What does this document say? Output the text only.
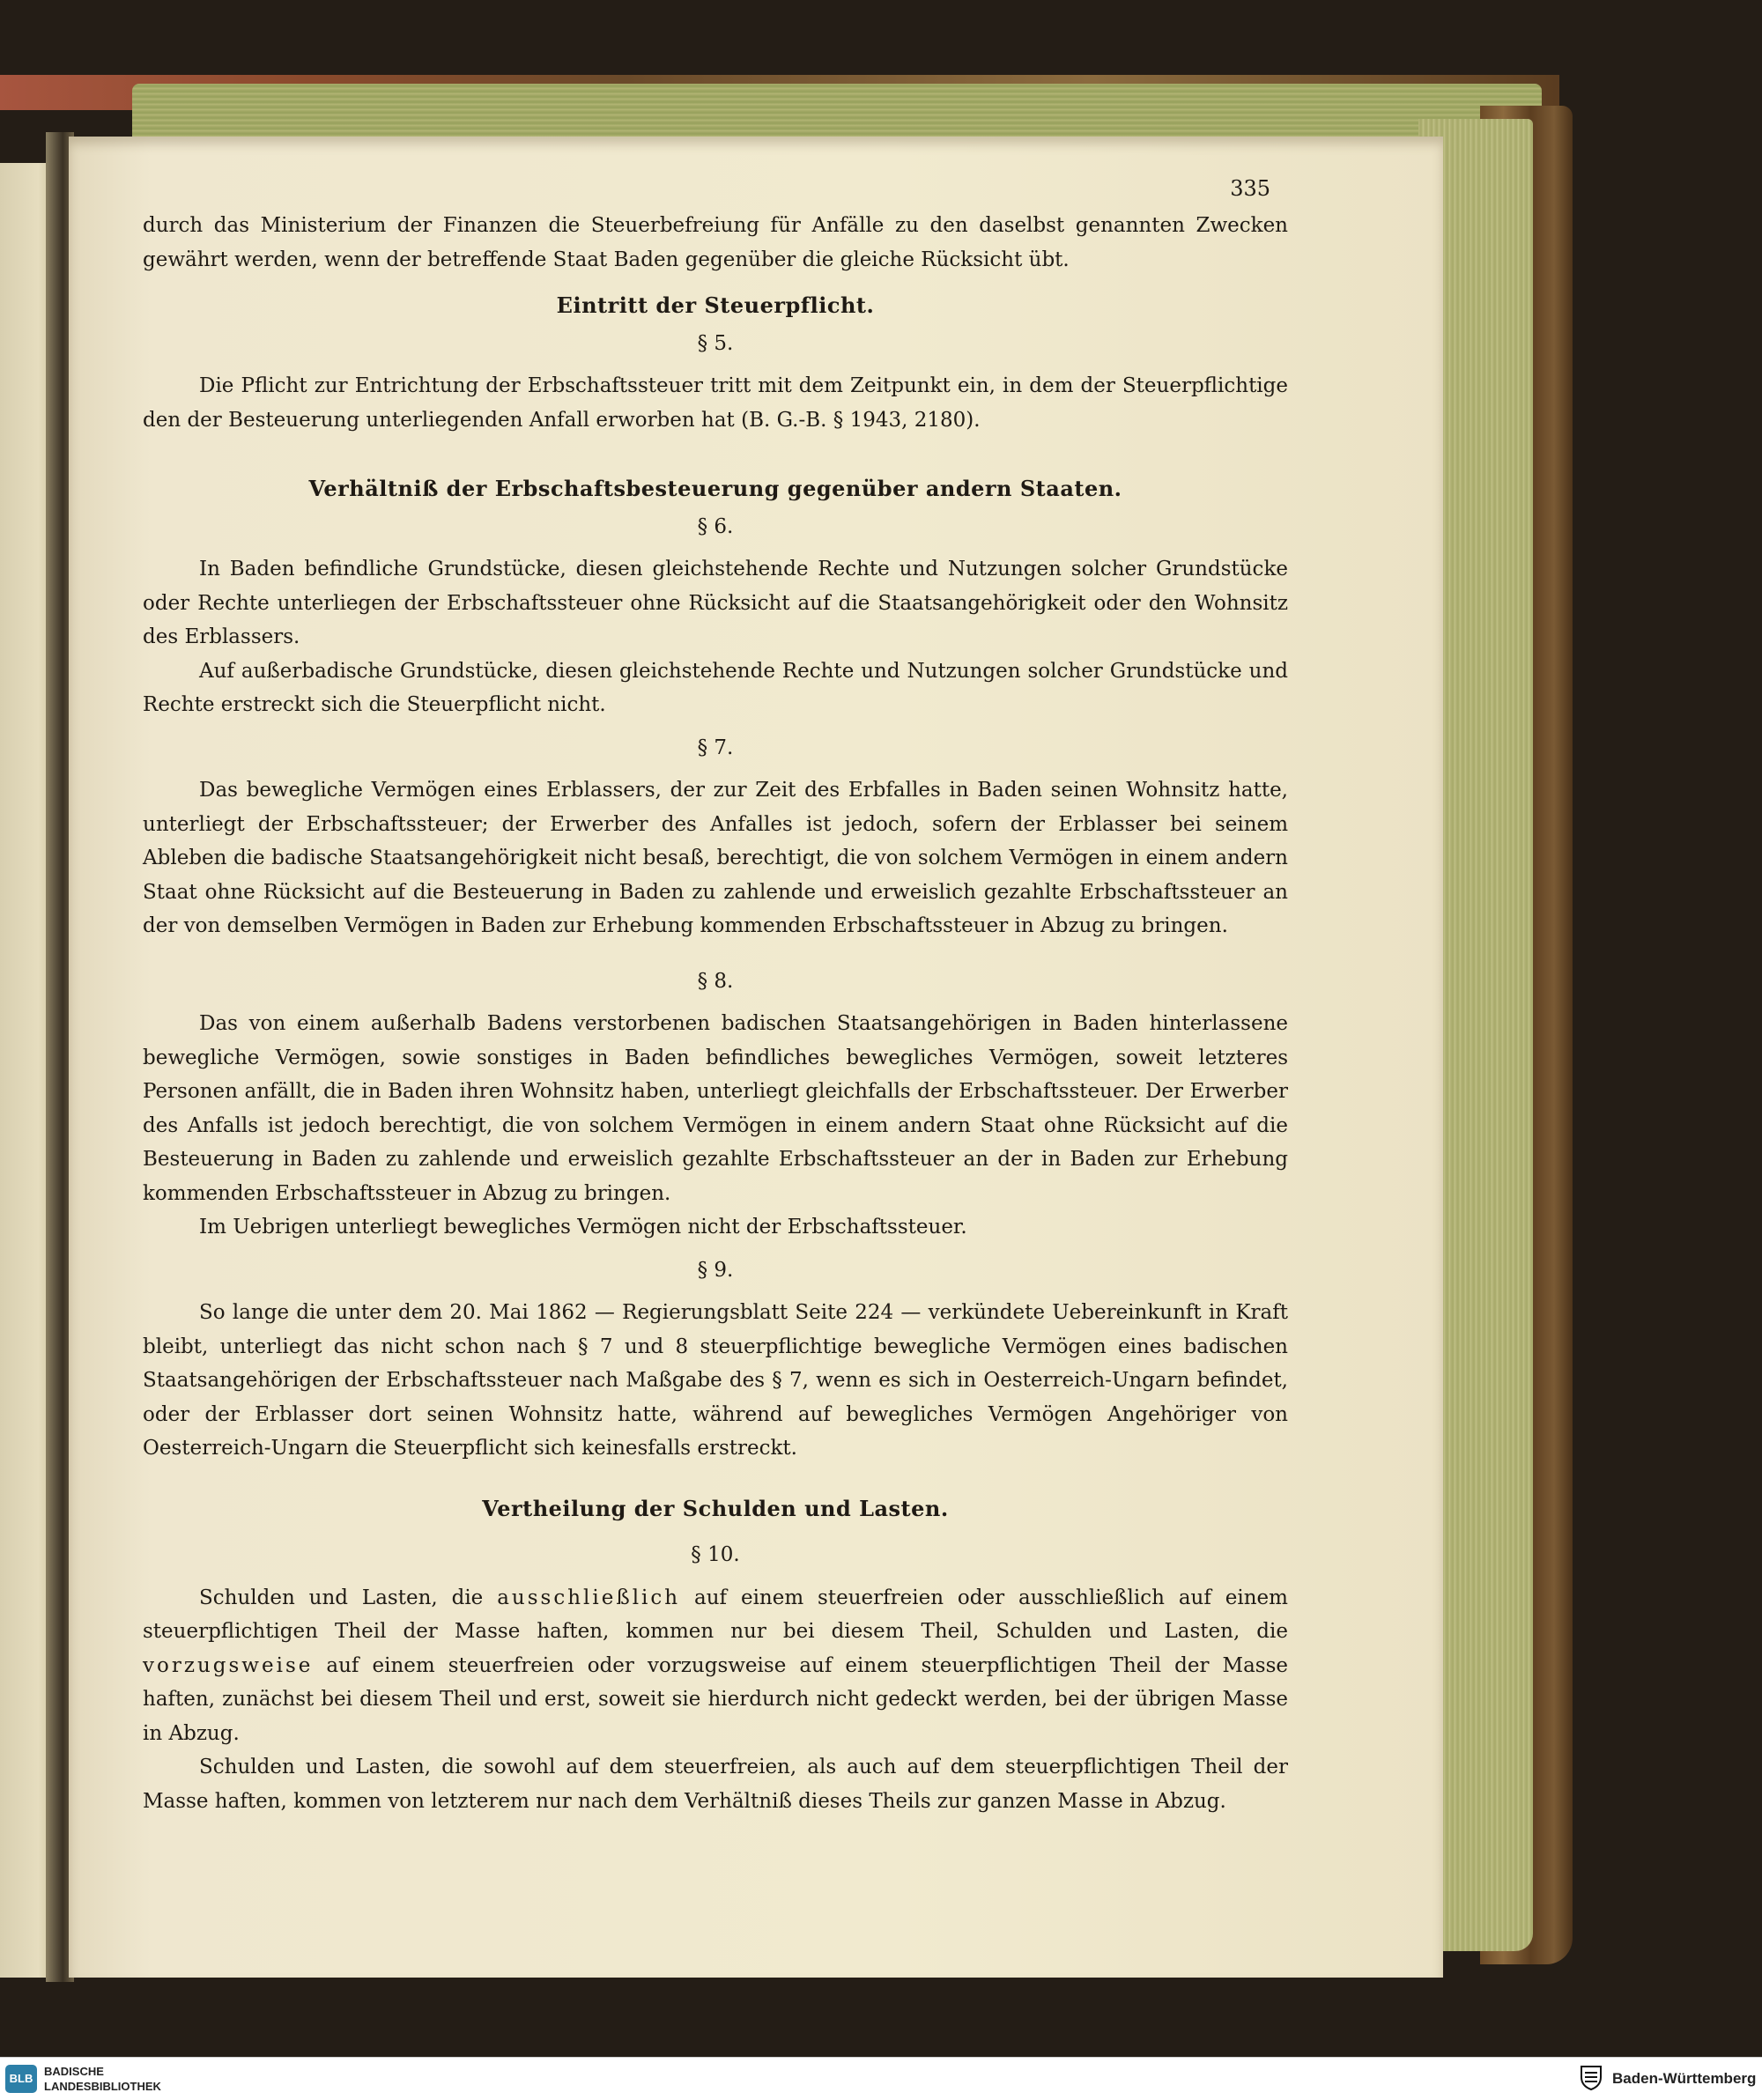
335

durch das Ministerium der Finanzen die Steuerbefreiung für Anfälle zu den daselbst genannten Zwecken gewährt werden, wenn der betreffende Staat Baden gegenüber die gleiche Rücksicht übt.

Eintritt der Steuerpflicht.
§ 5.

Die Pflicht zur Entrichtung der Erbschaftssteuer tritt mit dem Zeitpunkt ein, in dem der Steuerpflichtige den der Besteuerung unterliegenden Anfall erworben hat (B. G.-B. § 1943, 2180).

Verhältniß der Erbschaftsbesteuerung gegenüber andern Staaten.
§ 6.

In Baden befindliche Grundstücke, diesen gleichstehende Rechte und Nutzungen solcher Grundstücke oder Rechte unterliegen der Erbschaftssteuer ohne Rücksicht auf die Staatsangehörigkeit oder den Wohnsitz des Erblassers.

Auf außerbadische Grundstücke, diesen gleichstehende Rechte und Nutzungen solcher Grundstücke und Rechte erstreckt sich die Steuerpflicht nicht.

§ 7.

Das bewegliche Vermögen eines Erblassers, der zur Zeit des Erbfalles in Baden seinen Wohnsitz hatte, unterliegt der Erbschaftssteuer; der Erwerber des Anfalles ist jedoch, sofern der Erblasser bei seinem Ableben die badische Staatsangehörigkeit nicht besaß, berechtigt, die von solchem Vermögen in einem andern Staat ohne Rücksicht auf die Besteuerung in Baden zu zahlende und erweislich gezahlte Erbschaftssteuer an der von demselben Vermögen in Baden zur Erhebung kommenden Erbschaftssteuer in Abzug zu bringen.

§ 8.

Das von einem außerhalb Badens verstorbenen badischen Staatsangehörigen in Baden hinterlassene bewegliche Vermögen, sowie sonstiges in Baden befindliches bewegliches Vermögen, soweit letzteres Personen anfällt, die in Baden ihren Wohnsitz haben, unterliegt gleichfalls der Erbschaftssteuer. Der Erwerber des Anfalls ist jedoch berechtigt, die von solchem Vermögen in einem andern Staat ohne Rücksicht auf die Besteuerung in Baden zu zahlende und erweislich gezahlte Erbschaftssteuer an der in Baden zur Erhebung kommenden Erbschaftssteuer in Abzug zu bringen.

Im Uebrigen unterliegt bewegliches Vermögen nicht der Erbschaftssteuer.

§ 9.

So lange die unter dem 20. Mai 1862 — Regierungsblatt Seite 224 — verkündete Uebereinkunft in Kraft bleibt, unterliegt das nicht schon nach § 7 und 8 steuerpflichtige bewegliche Vermögen eines badischen Staatsangehörigen der Erbschaftssteuer nach Maßgabe des § 7, wenn es sich in Oesterreich-Ungarn befindet, oder der Erblasser dort seinen Wohnsitz hatte, während auf bewegliches Vermögen Angehöriger von Oesterreich-Ungarn die Steuerpflicht sich keinesfalls erstreckt.

Vertheilung der Schulden und Lasten.
§ 10.

Schulden und Lasten, die ausschließlich auf einem steuerfreien oder ausschließlich auf einem steuerpflichtigen Theil der Masse haften, kommen nur bei diesem Theil, Schulden und Lasten, die vorzugsweise auf einem steuerfreien oder vorzugsweise auf einem steuerpflichtigen Theil der Masse haften, zunächst bei diesem Theil und erst, soweit sie hierdurch nicht gedeckt werden, bei der übrigen Masse in Abzug.

Schulden und Lasten, die sowohl auf dem steuerfreien, als auch auf dem steuerpflichtigen Theil der Masse haften, kommen von letzterem nur nach dem Verhältniß dieses Theils zur ganzen Masse in Abzug.

BLB
BADISCHE
LANDESBIBLIOTHEK	Baden-Württemberg
